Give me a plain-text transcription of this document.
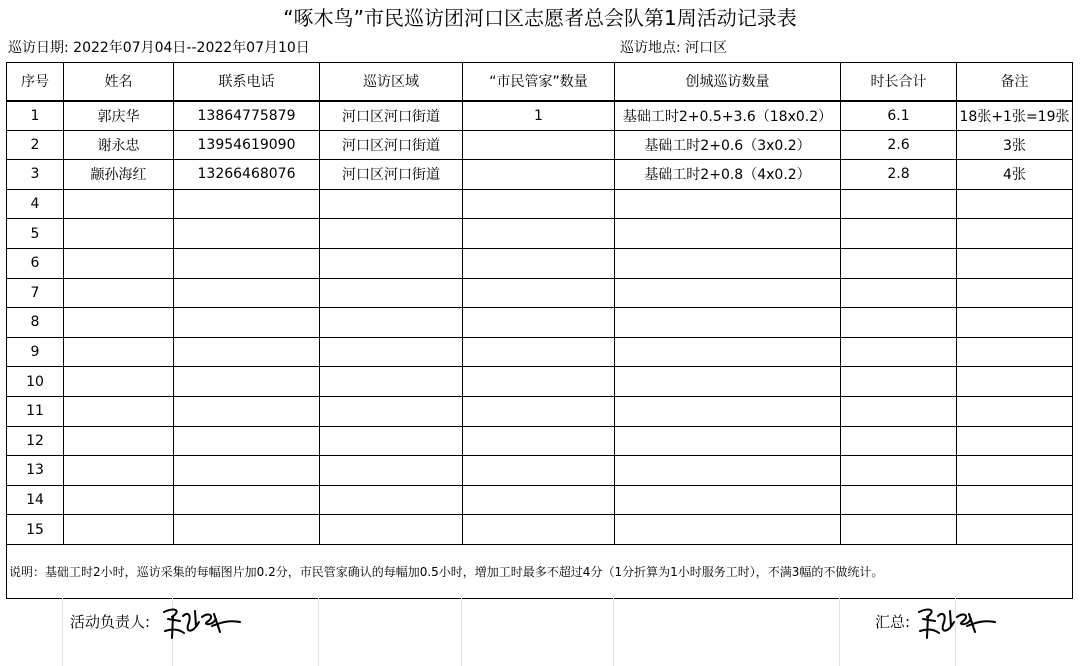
“啄木鸟”市民巡访团河口区志愿者总会队第1周活动记录表
巡访日期: 2022年07月04日--2022年07月10日	巡访地点: 河口区
序号	姓名	联系电话	巡访区域	“市民管家”数量	创城巡访数量	时长合计	备注
1	郭庆华	13864775879	河口区河口街道	1	基础工时2+0.5+3.6（18x0.2）	6.1	18张+1张=19张
2	谢永忠	13954619090	河口区河口街道		基础工时2+0.6（3x0.2）	2.6	3张
3	颛孙海红	13266468076	河口区河口街道		基础工时2+0.8（4x0.2）	2.8	4张
4							
5							
6							
7							
8							
9							
10							
11							
12							
13							
14							
15							
说明：基础工时2小时，巡访采集的每幅图片加0.2分，市民管家确认的每幅加0.5小时，增加工时最多不超过4分（1分折算为1小时服务工时），不满3幅的不做统计。							
活动负责人:	汇总:
